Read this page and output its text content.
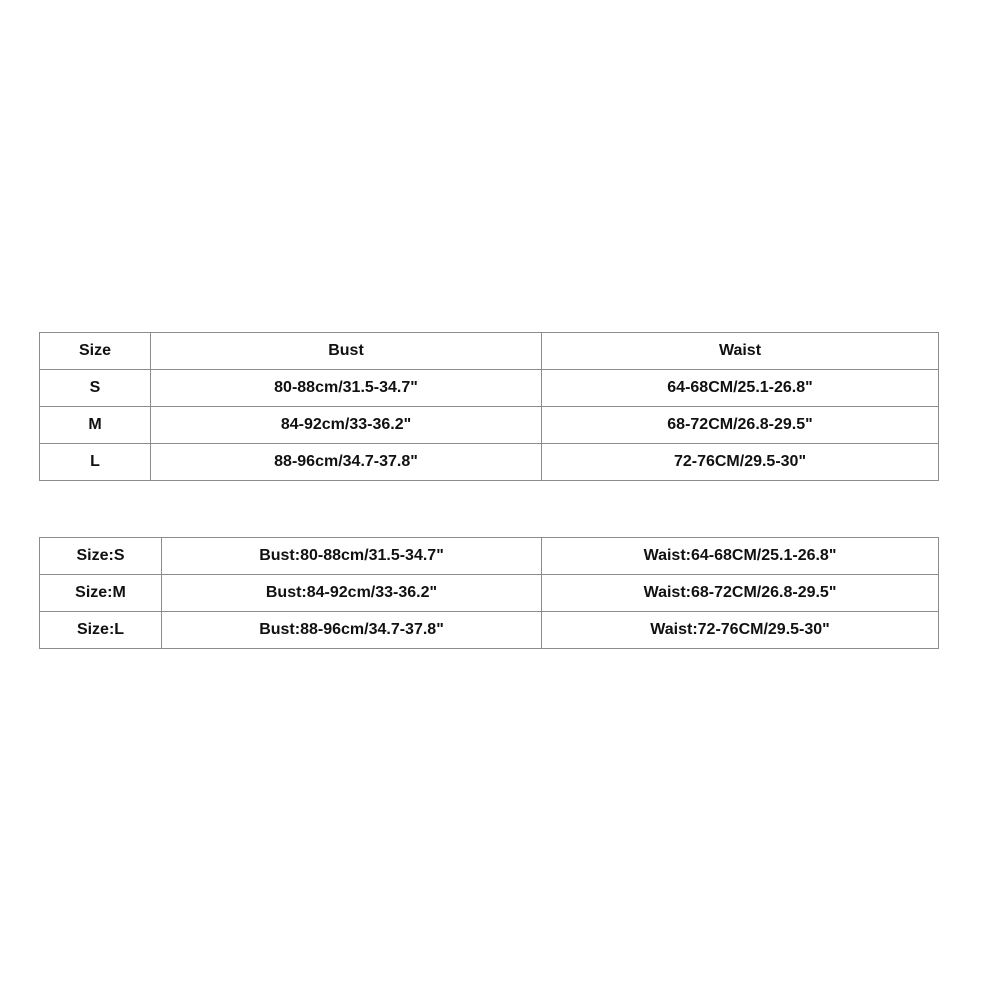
Size	Bust	Waist
S	80-88cm/31.5-34.7"	64-68CM/25.1-26.8"
M	84-92cm/33-36.2"	68-72CM/26.8-29.5"
L	88-96cm/34.7-37.8"	72-76CM/29.5-30"
Size:S	Bust:80-88cm/31.5-34.7"	Waist:64-68CM/25.1-26.8"
Size:M	Bust:84-92cm/33-36.2"	Waist:68-72CM/26.8-29.5"
Size:L	Bust:88-96cm/34.7-37.8"	Waist:72-76CM/29.5-30"
